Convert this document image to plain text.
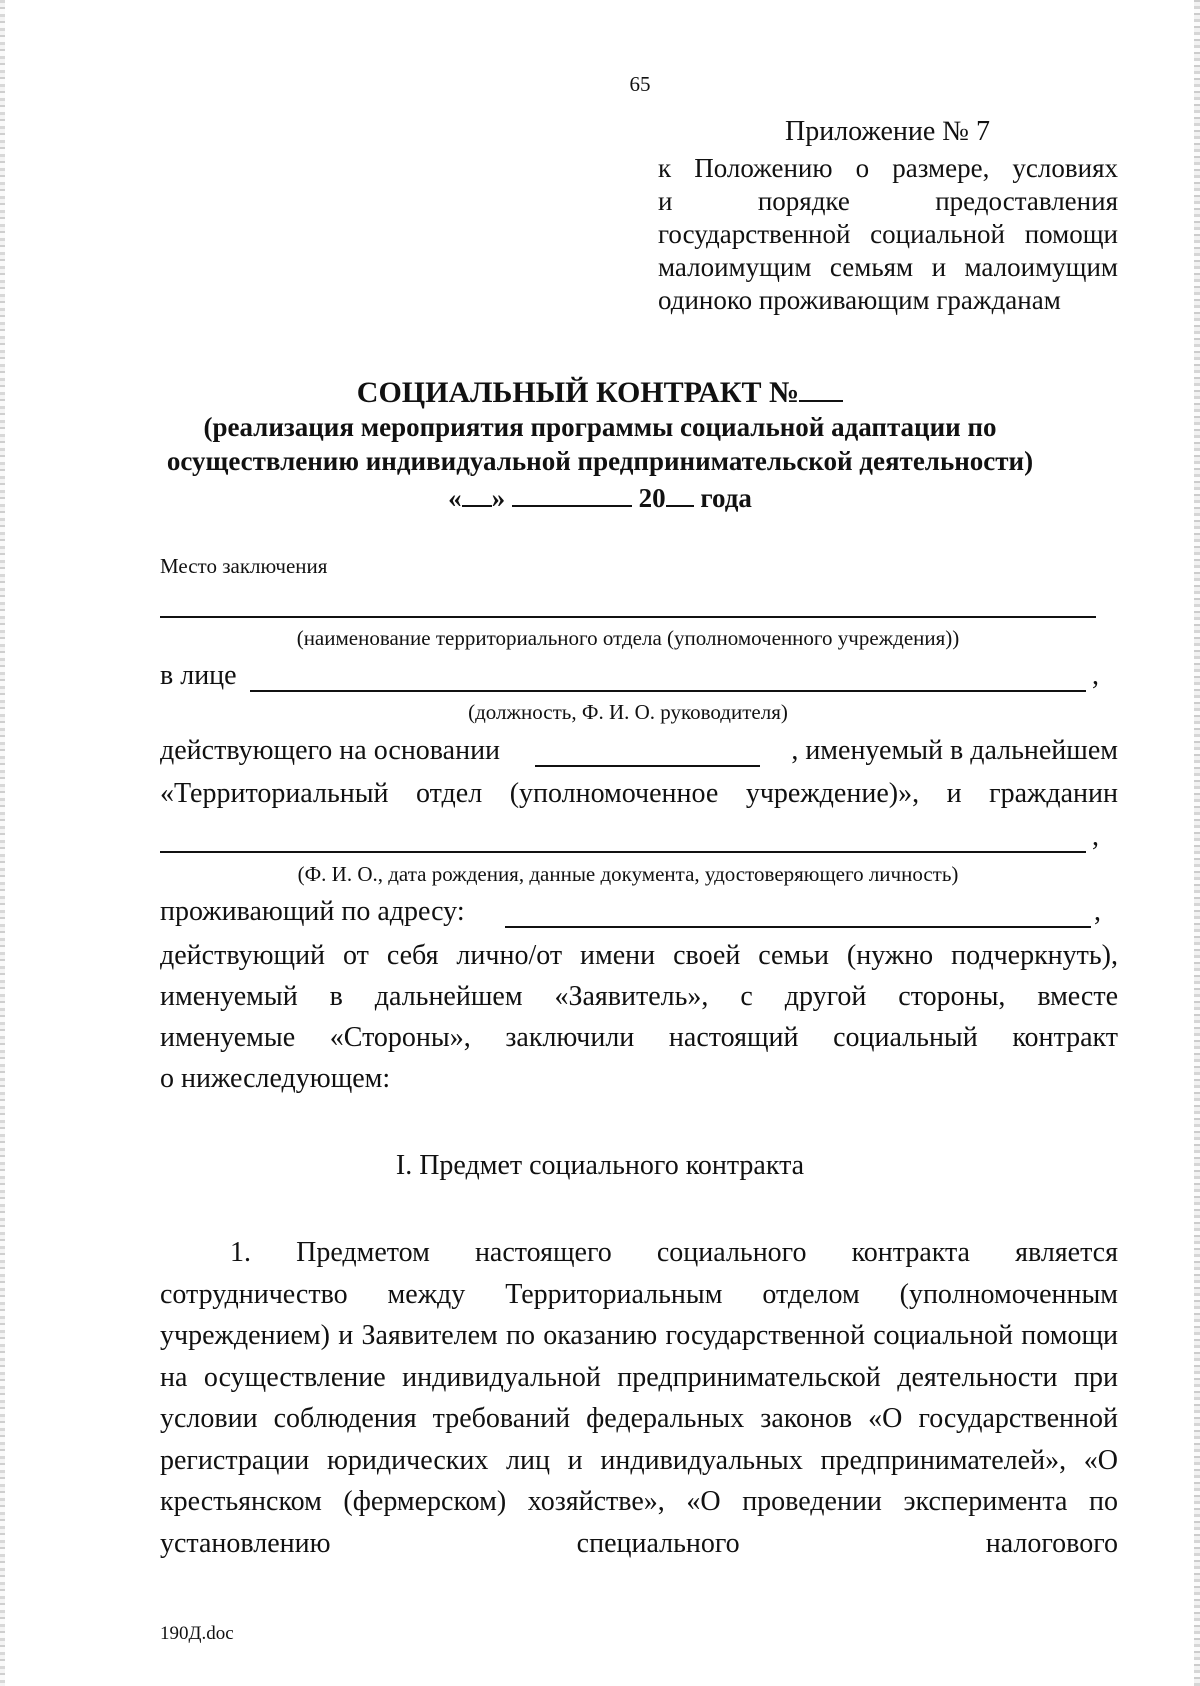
65
Приложение № 7
к Положению о размере, условиях
и порядке предоставления
государственной социальной помощи
малоимущим семьям и малоимущим
одиноко проживающим гражданам
СОЦИАЛЬНЫЙ КОНТРАКТ №
(реализация мероприятия программы социальной адаптации по
осуществлению индивидуальной предпринимательской деятельности)
« »	20 года
Место заключения
(наименование территориального отдела (уполномоченного учреждения))
в лице	,
(должность, Ф. И. О. руководителя)
действующего на основании	, именуемый в дальнейшем
«Территориальный отдел (уполномоченное учреждение)», и гражданин
,
(Ф. И. О., дата рождения, данные документа, удостоверяющего личность)
проживающий по адресу:	,
действующий от себя лично/от имени своей семьи (нужно подчеркнуть),
именуемый в дальнейшем «Заявитель», с другой стороны, вместе
именуемые «Стороны», заключили настоящий социальный контракт
о нижеследующем:
I. Предмет социального контракта
1. Предметом настоящего социального контракта является сотрудничество между Территориальным отделом (уполномоченным учреждением) и Заявителем по оказанию государственной социальной помощи на осуществление индивидуальной предпринимательской деятельности при условии соблюдения требований федеральных законов «О государственной регистрации юридических лиц и индивидуальных предпринимателей», «О крестьянском (фермерском) хозяйстве», «О проведении эксперимента по установлению специального налогового
190Д.doc
